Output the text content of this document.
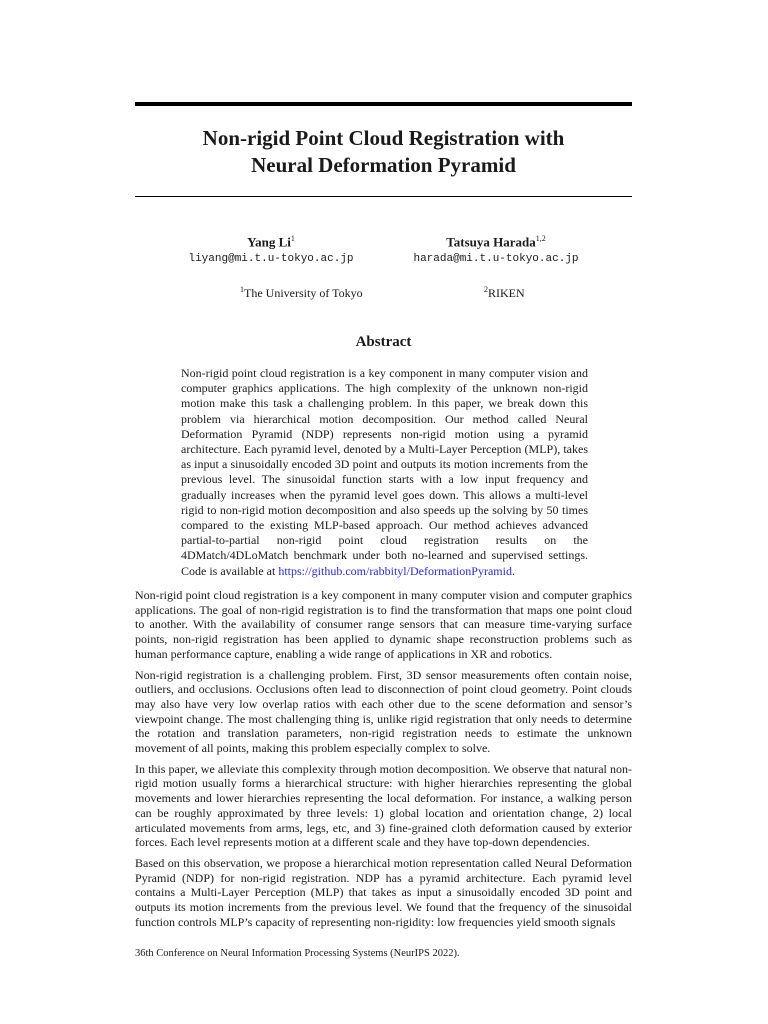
Non-rigid Point Cloud Registration with
Neural Deformation Pyramid
Yang Li$^1$
liyang@mi.t.u-tokyo.ac.jp
Tatsuya Harada$^{1,2}$
harada@mi.t.u-tokyo.ac.jp
$^1$The University of Tokyo	$^2$RIKEN
Abstract

Non-rigid point cloud registration is a key component in many computer vision and computer graphics applications. The high complexity of the unknown non-rigid motion make this task a challenging problem. In this paper, we break down this problem via hierarchical motion decomposition. Our method called Neural Deformation Pyramid (NDP) represents non-rigid motion using a pyramid architecture. Each pyramid level, denoted by a Multi-Layer Perception (MLP), takes as input a sinusoidally encoded 3D point and outputs its motion increments from the previous level. The sinusoidal function starts with a low input frequency and gradually increases when the pyramid level goes down. This allows a multi-level rigid to non-rigid motion decomposition and also speeds up the solving by 50 times compared to the existing MLP-based approach. Our method achieves advanced partial-to-partial non-rigid point cloud registration results on the 4DMatch/4DLoMatch benchmark under both no-learned and supervised settings. Code is available at https://github.com/rabbityl/DeformationPyramid.

Non-rigid point cloud registration is a key component in many computer vision and computer graphics applications. The goal of non-rigid registration is to find the transformation that maps one point cloud to another. With the availability of consumer range sensors that can measure time-varying surface points, non-rigid registration has been applied to dynamic shape reconstruction problems such as human performance capture, enabling a wide range of applications in XR and robotics.

Non-rigid registration is a challenging problem. First, 3D sensor measurements often contain noise, outliers, and occlusions. Occlusions often lead to disconnection of point cloud geometry. Point clouds may also have very low overlap ratios with each other due to the scene deformation and sensor’s viewpoint change. The most challenging thing is, unlike rigid registration that only needs to determine the rotation and translation parameters, non-rigid registration needs to estimate the unknown movement of all points, making this problem especially complex to solve.

In this paper, we alleviate this complexity through motion decomposition. We observe that natural non-rigid motion usually forms a hierarchical structure: with higher hierarchies representing the global movements and lower hierarchies representing the local deformation. For instance, a walking person can be roughly approximated by three levels: 1) global location and orientation change, 2) local articulated movements from arms, legs, etc, and 3) fine-grained cloth deformation caused by exterior forces. Each level represents motion at a different scale and they have top-down dependencies.

Based on this observation, we propose a hierarchical motion representation called Neural Deformation Pyramid (NDP) for non-rigid registration. NDP has a pyramid architecture. Each pyramid level contains a Multi-Layer Perception (MLP) that takes as input a sinusoidally encoded 3D point and outputs its motion increments from the previous level. We found that the frequency of the sinusoidal function controls MLP’s capacity of representing non-rigidity: low frequencies yield smooth signals

36th Conference on Neural Information Processing Systems (NeurIPS 2022).
